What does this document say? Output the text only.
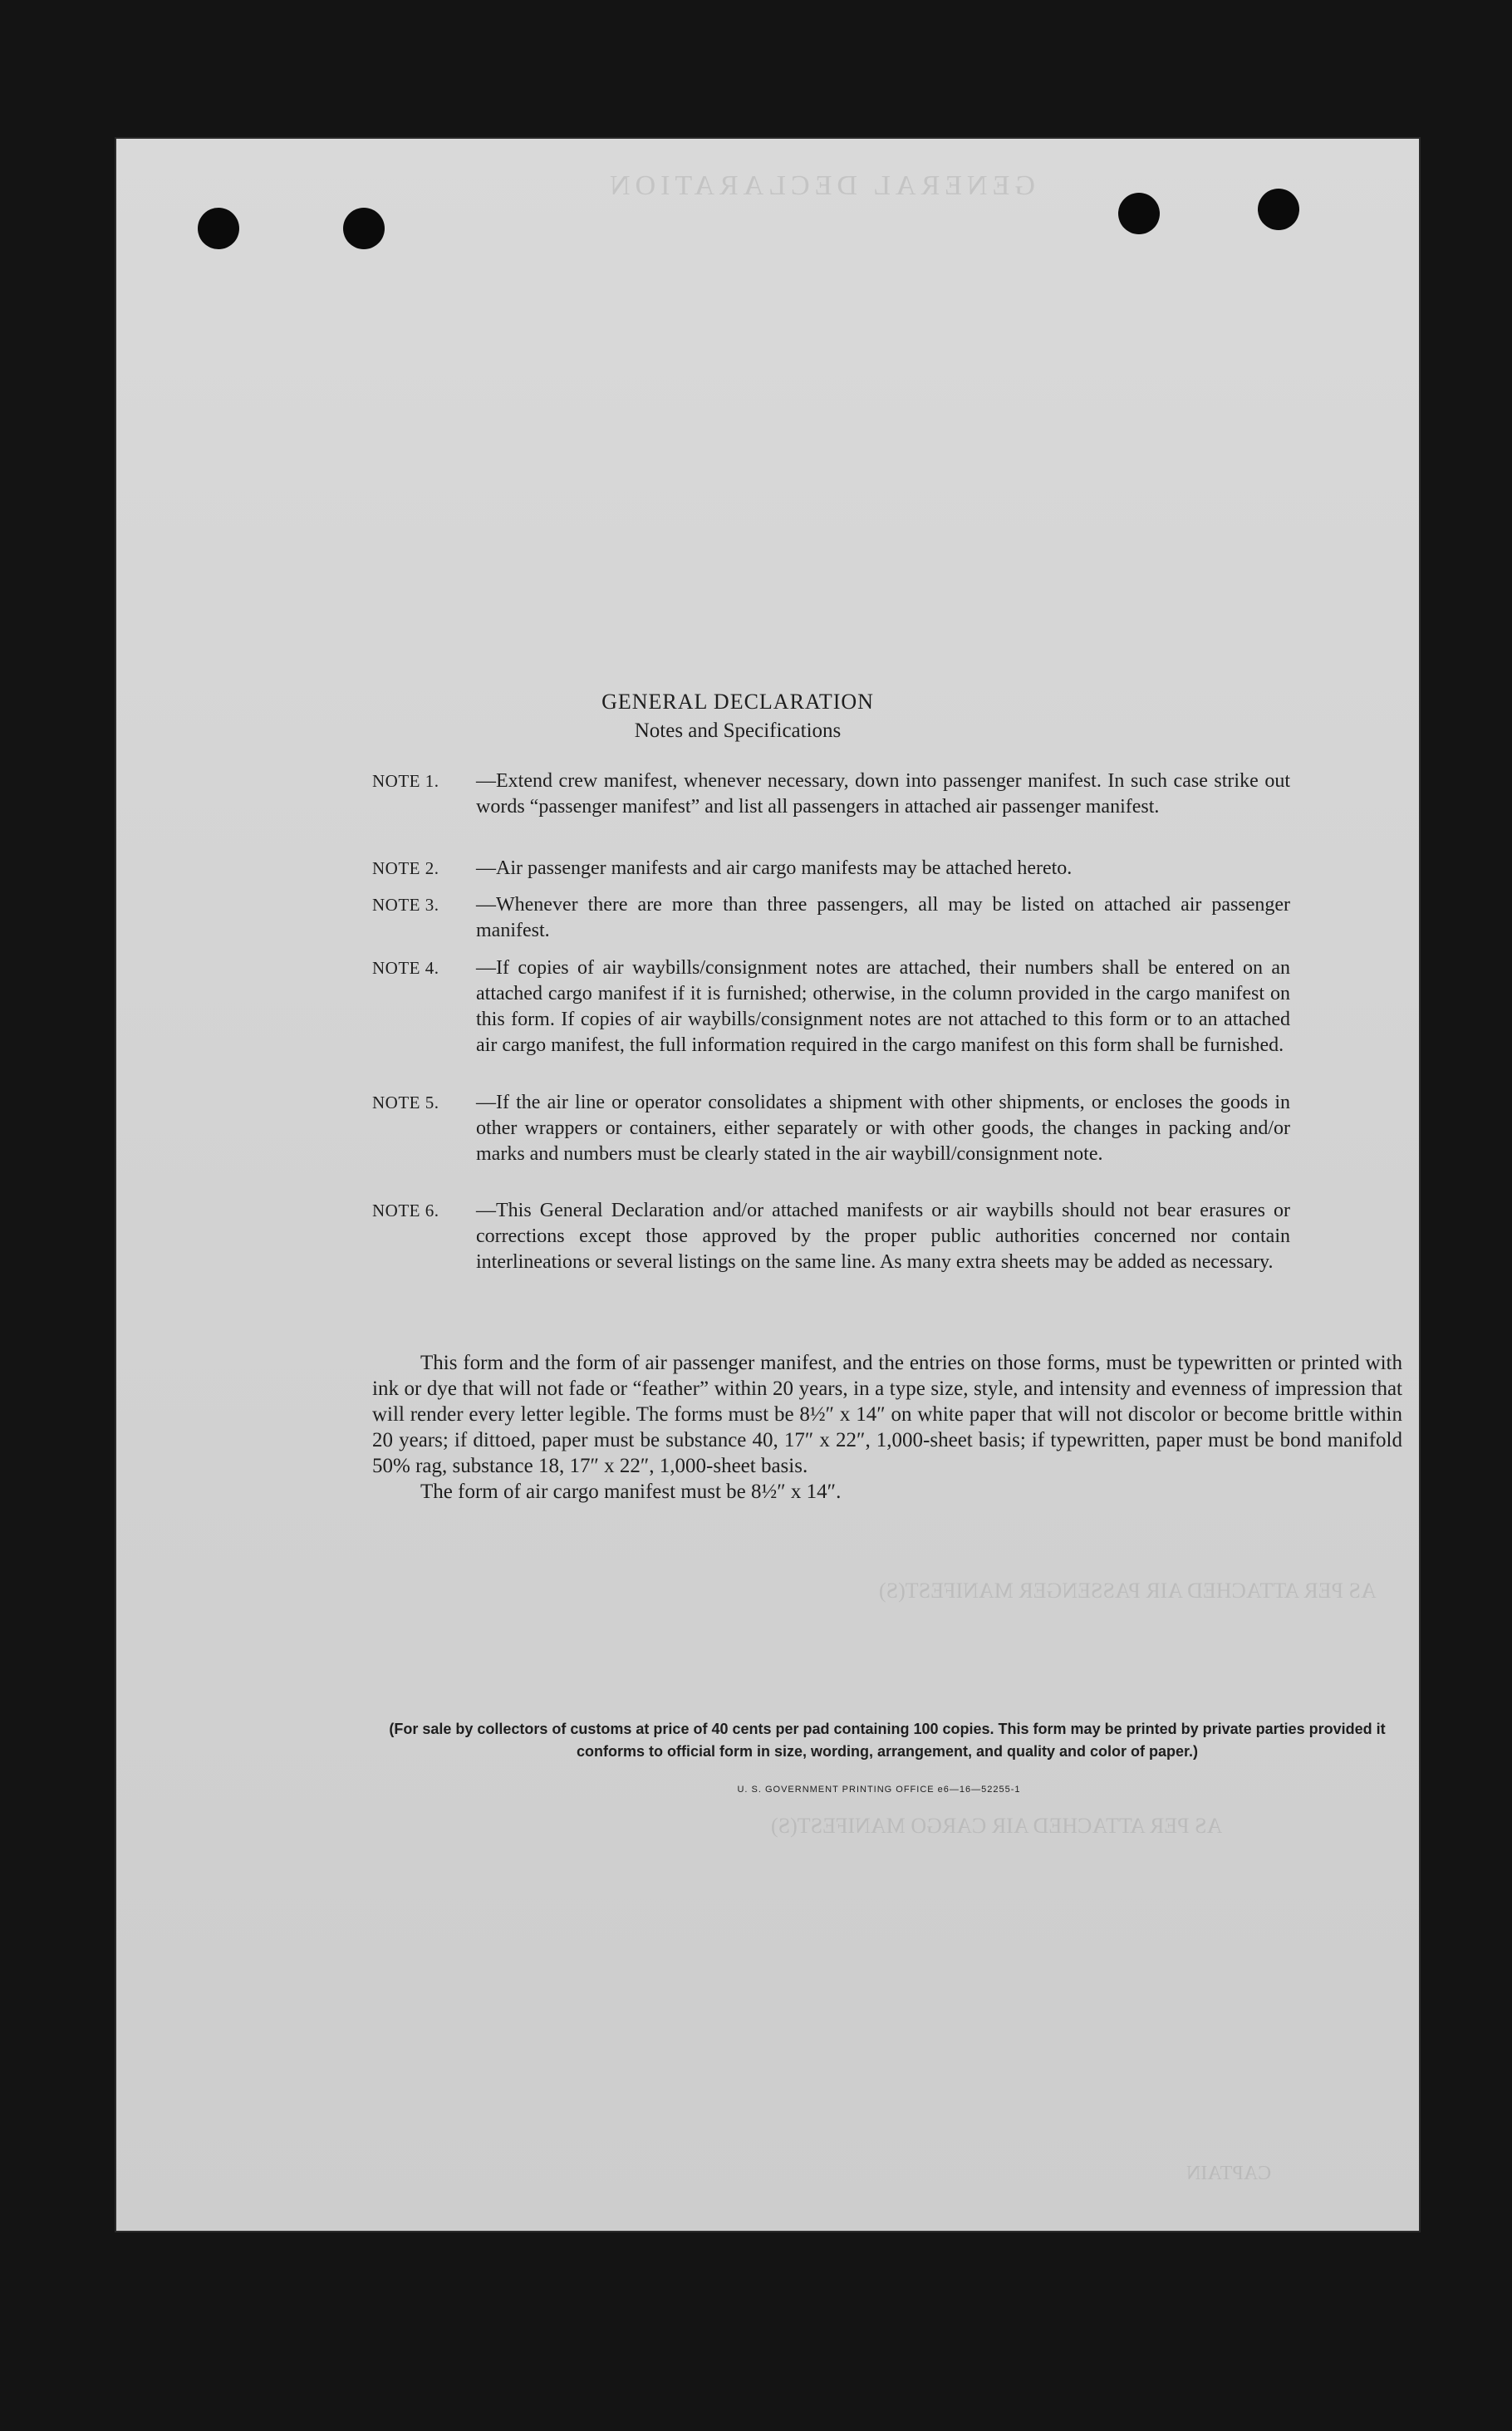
GENERAL DECLARATION
AS PER ATTACHED AIR PASSENGER MANIFEST(S)
AS PER ATTACHED AIR CARGO MANIFEST(S)
CAPTAIN
GENERAL DECLARATION
Notes and Specifications
NOTE 1.	—Extend crew manifest, whenever necessary, down into passenger manifest. In such case strike out words “passenger manifest” and list all passengers in attached air passenger manifest.
NOTE 2.	—Air passenger manifests and air cargo manifests may be attached hereto.
NOTE 3.	—Whenever there are more than three passengers, all may be listed on attached air passenger manifest.
NOTE 4.	—If copies of air waybills/consignment notes are attached, their numbers shall be entered on an attached cargo manifest if it is furnished; otherwise, in the column provided in the cargo manifest on this form. If copies of air waybills/consignment notes are not attached to this form or to an attached air cargo manifest, the full information required in the cargo manifest on this form shall be furnished.
NOTE 5.	—If the air line or operator consolidates a shipment with other shipments, or encloses the goods in other wrappers or containers, either separately or with other goods, the changes in packing and/or marks and numbers must be clearly stated in the air waybill/consignment note.
NOTE 6.	—This General Declaration and/or attached manifests or air waybills should not bear erasures or corrections except those approved by the proper public authorities concerned nor contain interlineations or several listings on the same line. As many extra sheets may be added as necessary.
This form and the form of air passenger manifest, and the entries on those forms, must be typewritten or printed with ink or dye that will not fade or “feather” within 20 years, in a type size, style, and intensity and evenness of impression that will render every letter legible. The forms must be 8½″ x 14″ on white paper that will not discolor or become brittle within 20 years; if dittoed, paper must be substance 40, 17″ x 22″, 1,000-sheet basis; if typewritten, paper must be bond manifold 50% rag, substance 18, 17″ x 22″, 1,000-sheet basis.
The form of air cargo manifest must be 8½″ x 14″.
(For sale by collectors of customs at price of 40 cents per pad containing 100 copies. This form may be printed by private parties provided it conforms to official form in size, wording, arrangement, and quality and color of paper.)
U. S. GOVERNMENT PRINTING OFFICE e6—16—52255-1
